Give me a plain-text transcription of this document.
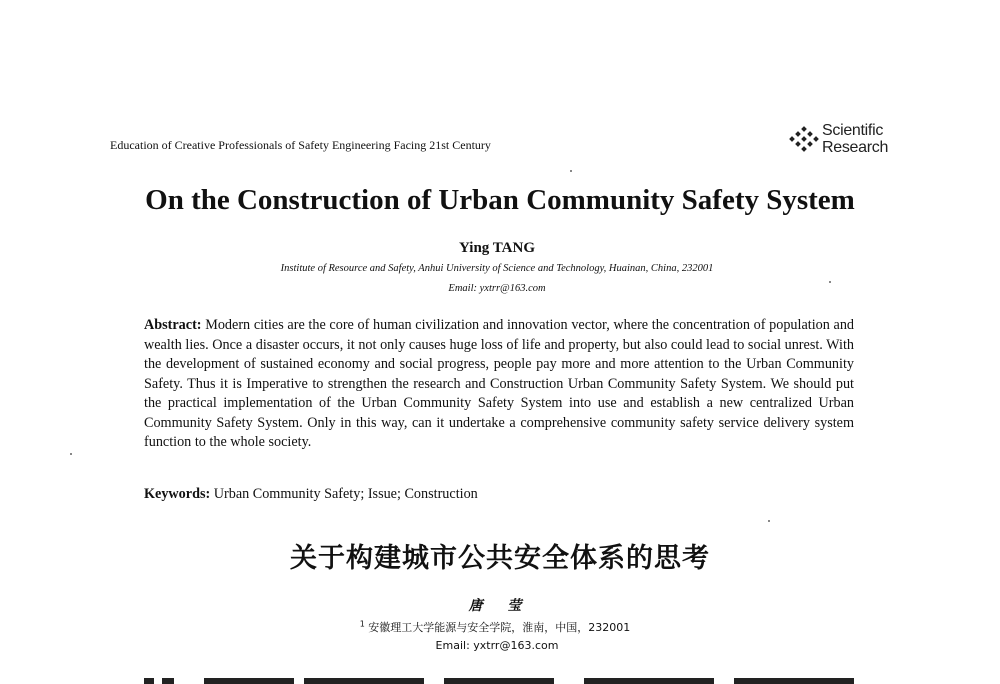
Education of Creative Professionals of Safety Engineering Facing 21st Century
Scientific
Research
On the Construction of Urban Community Safety System
Ying TANG
Institute of Resource and Safety, Anhui University of Science and Technology, Huainan, China, 232001
Email: yxtrr@163.com
Abstract: Modern cities are the core of human civilization and innovation vector, where the concentration of population and wealth lies. Once a disaster occurs, it not only causes huge loss of life and property, but also could lead to social unrest. With the development of sustained economy and social progress, people pay more and more attention to the Urban Community Safety. Thus it is Imperative to strengthen the research and Construction Urban Community Safety System. We should put the practical implementation of the Urban Community Safety System into use and establish a new centralized Urban Community Safety System. Only in this way, can it undertake a comprehensive community safety service delivery system function to the whole society.
Keywords: Urban Community Safety; Issue; Construction
关于构建城市公共安全体系的思考
唐 莹
$^1$ 安徽理工大学能源与安全学院，淮南，中国，232001
Email: yxtrr@163.com
